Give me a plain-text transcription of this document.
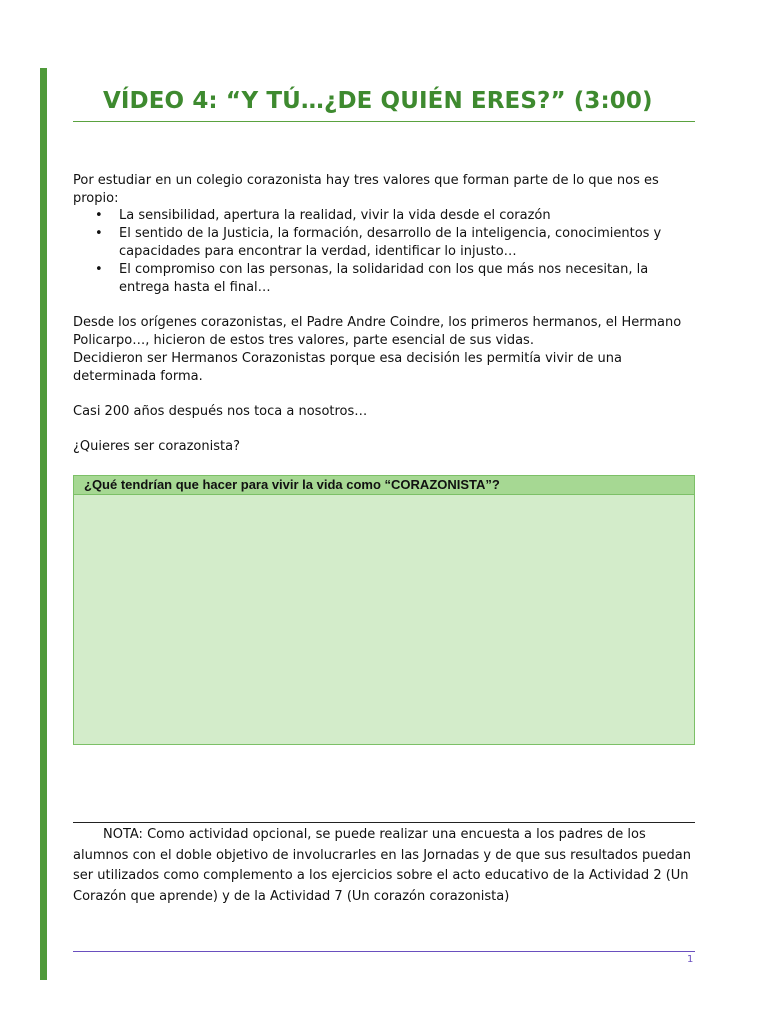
VÍDEO 4: “Y TÚ…¿DE QUIÉN ERES?” (3:00)

Por estudiar en un colegio corazonista hay tres valores que forman parte de lo que nos es propio:

• La sensibilidad, apertura la realidad, vivir la vida desde el corazón
• El sentido de la Justicia, la formación, desarrollo de la inteligencia, conocimientos y capacidades para encontrar la verdad, identificar lo injusto…
• El compromiso con las personas, la solidaridad con los que más nos necesitan, la entrega hasta el final…
Desde los orígenes corazonistas, el Padre Andre Coindre, los primeros hermanos, el Hermano Policarpo…, hicieron de estos tres valores, parte esencial de sus vidas.
Decidieron ser Hermanos Corazonistas porque esa decisión les permitía vivir de una determinada forma.

Casi 200 años después nos toca a nosotros…

¿Quieres ser corazonista?

¿Qué tendrían que hacer para vivir la vida como “CORAZONISTA”?

NOTA: Como actividad opcional, se puede realizar una encuesta a los padres de los alumnos con el doble objetivo de involucrarles en las Jornadas y de que sus resultados puedan ser utilizados como complemento a los ejercicios sobre el acto educativo de la Actividad 2 (Un Corazón que aprende) y de la Actividad 7 (Un corazón corazonista)

1
